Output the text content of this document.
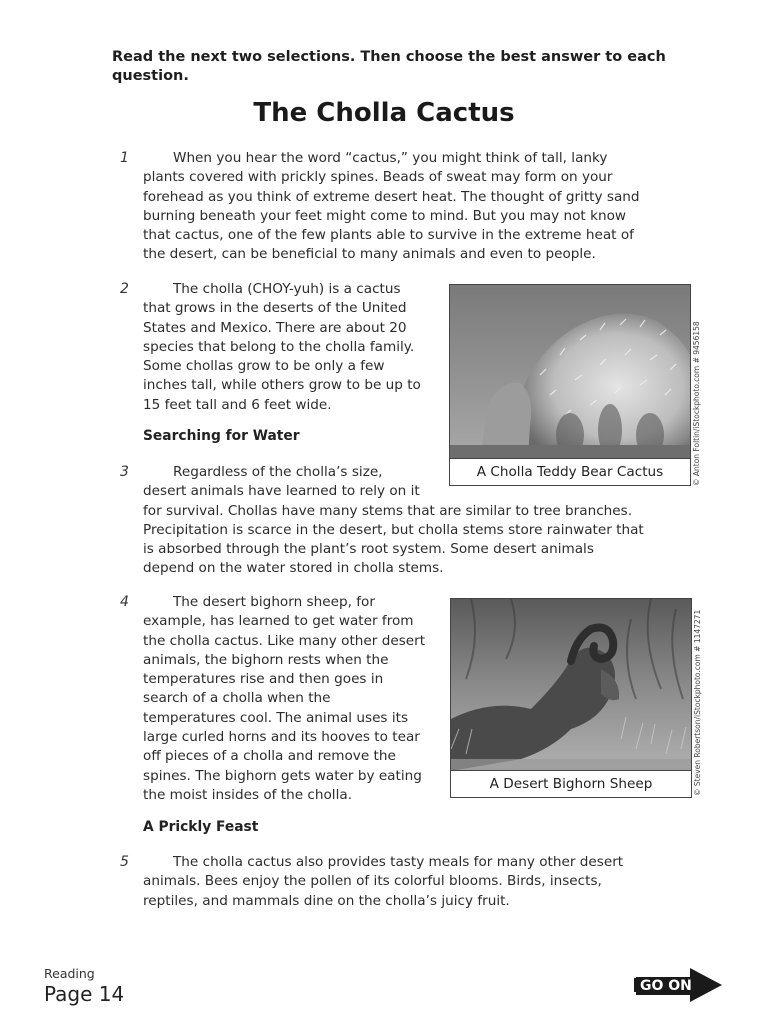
Read the next two selections. Then choose the best answer to each question.
The Cholla Cactus
1	When you hear the word “cactus,” you might think of tall, lanky
plants covered with prickly spines. Beads of sweat may form on your
forehead as you think of extreme desert heat. The thought of gritty sand
burning beneath your feet might come to mind. But you may not know
that cactus, one of the few plants able to survive in the extreme heat of
the desert, can be beneficial to many animals and even to people.
2	The cholla (CHOY-yuh) is a cactus
that grows in the deserts of the United
States and Mexico. There are about 20
species that belong to the cholla family.
Some chollas grow to be only a few
inches tall, while others grow to be up to
15 feet tall and 6 feet wide.
Searching for Water
3	Regardless of the cholla’s size,
desert animals have learned to rely on it
for survival. Chollas have many stems that are similar to tree branches.
Precipitation is scarce in the desert, but cholla stems store rainwater that
is absorbed through the plant’s root system. Some desert animals
depend on the water stored in cholla stems.
A Cholla Teddy Bear Cactus	© Anton Foltin/iStockphoto.com # 9456158
4	The desert bighorn sheep, for
example, has learned to get water from
the cholla cactus. Like many other desert
animals, the bighorn rests when the
temperatures rise and then goes in
search of a cholla when the
temperatures cool. The animal uses its
large curled horns and its hooves to tear
off pieces of a cholla and remove the
spines. The bighorn gets water by eating
the moist insides of the cholla.
A Desert Bighorn Sheep	© Steven Robertson/iStockphoto.com # 1147271
A Prickly Feast
5	The cholla cactus also provides tasty meals for many other desert
animals. Bees enjoy the pollen of its colorful blooms. Birds, insects,
reptiles, and mammals dine on the cholla’s juicy fruit.
Reading
Page 14	GO ON
